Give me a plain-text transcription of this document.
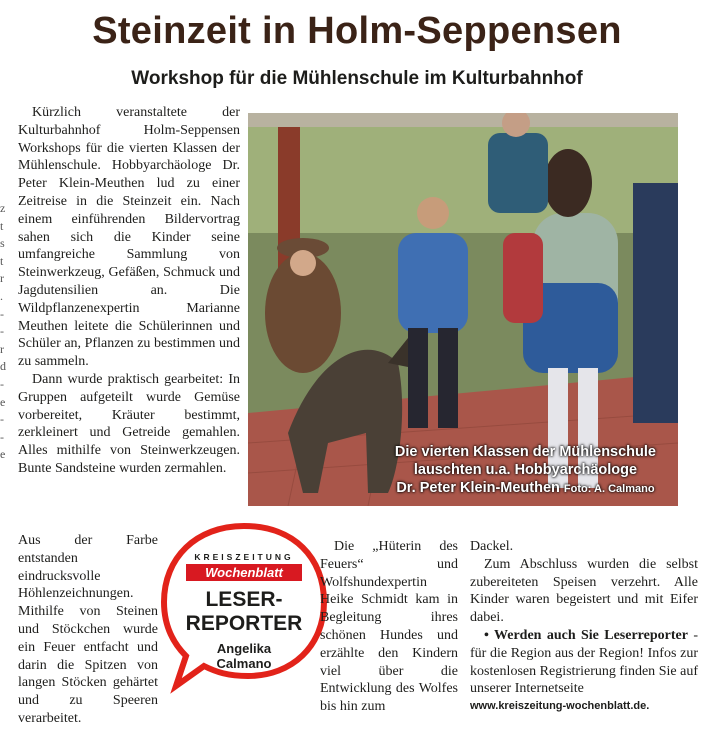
Steinzeit in Holm-Seppensen
Workshop für die Mühlenschule im Kulturbahnhof
z
t
s
t
r
.
-
-
r
d
-
e
-
-
e

Kürzlich veranstaltete der Kulturbahnhof Holm-Seppensen Workshops für die vierten Klassen der Mühlenschule. Hobbyarchäologe Dr. Peter Klein-Meuthen lud zu einer Zeitreise in die Steinzeit ein. Nach einem einführenden Bildervortrag sahen sich die Kinder seine umfangreiche Sammlung von Steinwerkzeug, Gefäßen, Schmuck und Jagdutensilien an. Die Wildpflanzenexpertin Marianne Meuthen leitete die Schülerinnen und Schüler an, Pflanzen zu bestimmen und zu sammeln.

Dann wurde praktisch gearbeitet: In Gruppen aufgeteilt wurde Gemüse vorbereitet, Kräuter bestimmt, zerkleinert und Getreide gemahlen. Alles mithilfe von Steinwerkzeugen. Bunte Sandsteine wurden zermahlen.

Aus der Farbe entstanden eindrucksvolle Höhlenzeichnungen. Mithilfe von Steinen und Stöckchen wurde ein Feuer entfacht und darin die Spitzen von langen Stöcken gehärtet und zu Speeren verarbeitet.

Die vierten Klassen der Mühlenschule
lauschten u.a. Hobbyarchäologe
Dr. Peter Klein-Meuthen Foto: A. Calmano
KREISZEITUNG
Wochenblatt
LESER-
REPORTER
Angelika
Calmano

Die „Hüterin des Feuers“ und Wolfshundexpertin Heike Schmidt kam in Begleitung ihres schönen Hundes und erzählte den Kindern viel über die Entwicklung des Wolfes bis hin zum

Dackel.

Zum Abschluss wurden die selbst zubereiteten Speisen verzehrt. Alle Kinder waren begeistert und mit Eifer dabei.

• Werden auch Sie Leserreporter - für die Region aus der Region! Infos zur kostenlosen Registrierung finden Sie auf unserer Internetseite

www.kreiszeitung-wochenblatt.de.
